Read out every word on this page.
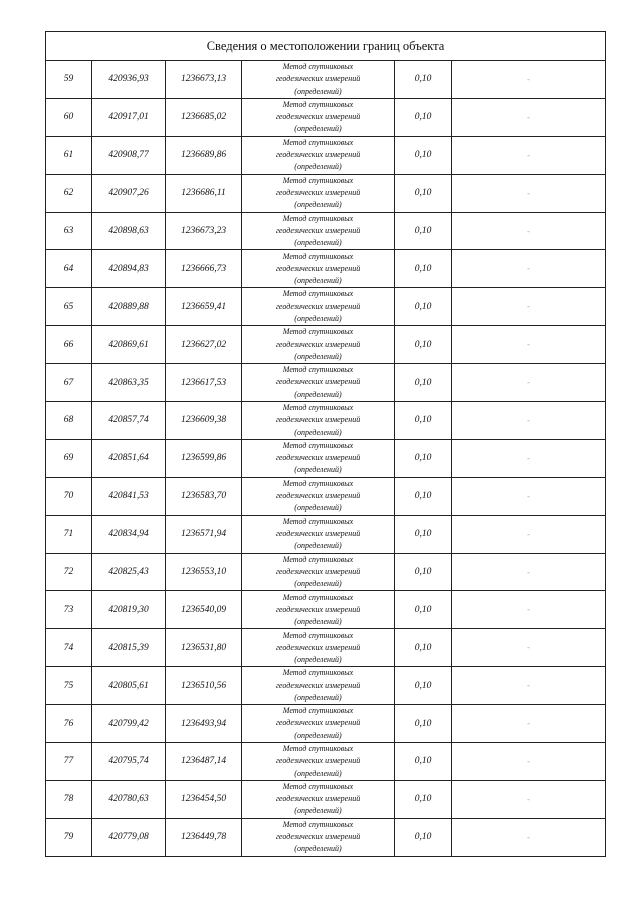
Сведения о местоположении границ объекта					
59	420936,93	1236673,13	Метод спутниковых
геодезических измерений
(определений)	0,10	-
60	420917,01	1236685,02	Метод спутниковых
геодезических измерений
(определений)	0,10	-
61	420908,77	1236689,86	Метод спутниковых
геодезических измерений
(определений)	0,10	-
62	420907,26	1236686,11	Метод спутниковых
геодезических измерений
(определений)	0,10	-
63	420898,63	1236673,23	Метод спутниковых
геодезических измерений
(определений)	0,10	-
64	420894,83	1236666,73	Метод спутниковых
геодезических измерений
(определений)	0,10	-
65	420889,88	1236659,41	Метод спутниковых
геодезических измерений
(определений)	0,10	-
66	420869,61	1236627,02	Метод спутниковых
геодезических измерений
(определений)	0,10	-
67	420863,35	1236617,53	Метод спутниковых
геодезических измерений
(определений)	0,10	-
68	420857,74	1236609,38	Метод спутниковых
геодезических измерений
(определений)	0,10	-
69	420851,64	1236599,86	Метод спутниковых
геодезических измерений
(определений)	0,10	-
70	420841,53	1236583,70	Метод спутниковых
геодезических измерений
(определений)	0,10	-
71	420834,94	1236571,94	Метод спутниковых
геодезических измерений
(определений)	0,10	-
72	420825,43	1236553,10	Метод спутниковых
геодезических измерений
(определений)	0,10	-
73	420819,30	1236540,09	Метод спутниковых
геодезических измерений
(определений)	0,10	-
74	420815,39	1236531,80	Метод спутниковых
геодезических измерений
(определений)	0,10	-
75	420805,61	1236510,56	Метод спутниковых
геодезических измерений
(определений)	0,10	-
76	420799,42	1236493,94	Метод спутниковых
геодезических измерений
(определений)	0,10	-
77	420795,74	1236487,14	Метод спутниковых
геодезических измерений
(определений)	0,10	-
78	420780,63	1236454,50	Метод спутниковых
геодезических измерений
(определений)	0,10	-
79	420779,08	1236449,78	Метод спутниковых
геодезических измерений
(определений)	0,10	-
